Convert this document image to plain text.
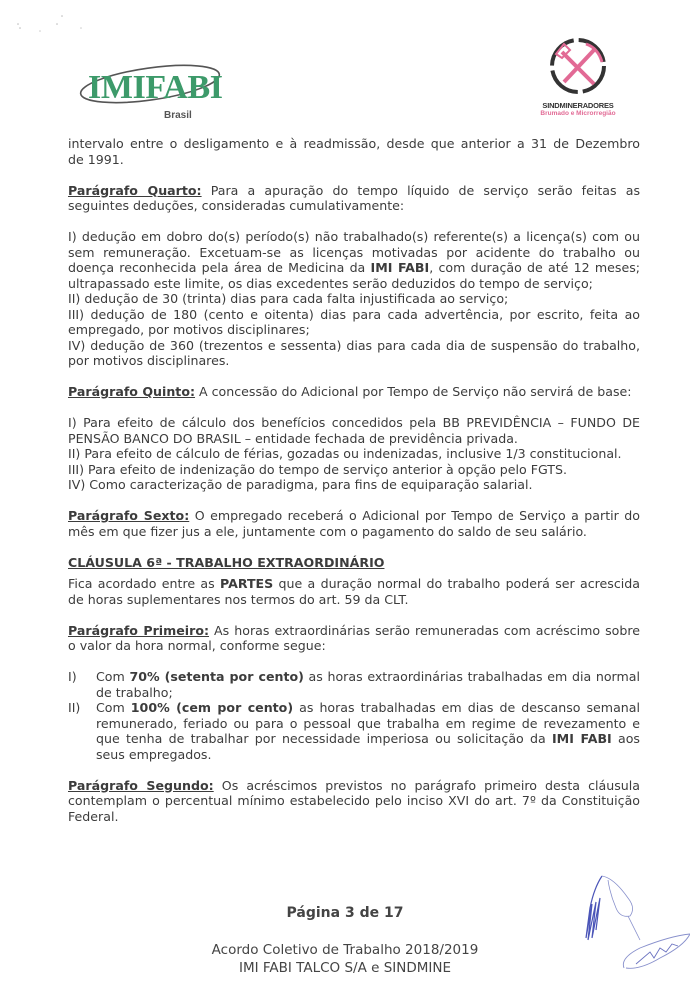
IMIFABI
Brasil
SINDMINERADORES
Brumado e Microrregião

intervalo entre o desligamento e à readmissão, desde que anterior a 31 de Dezembro
de 1991.

Parágrafo Quarto: Para a apuração do tempo líquido de serviço serão feitas as seguintes deduções, consideradas cumulativamente:

I) dedução em dobro do(s) período(s) não trabalhado(s) referente(s) a licença(s) com ou sem remuneração. Excetuam-se as licenças motivadas por acidente do trabalho ou doença reconhecida pela área de Medicina da IMI FABI, com duração de até 12 meses; ultrapassado este limite, os dias excedentes serão deduzidos do tempo de serviço;

II) dedução de 30 (trinta) dias para cada falta injustificada ao serviço;

III) dedução de 180 (cento e oitenta) dias para cada advertência, por escrito, feita ao empregado, por motivos disciplinares;

IV) dedução de 360 (trezentos e sessenta) dias para cada dia de suspensão do trabalho, por motivos disciplinares.

Parágrafo Quinto: A concessão do Adicional por Tempo de Serviço não servirá de base:

I) Para efeito de cálculo dos benefícios concedidos pela BB PREVIDÊNCIA – FUNDO DE PENSÃO BANCO DO BRASIL – entidade fechada de previdência privada.

II) Para efeito de cálculo de férias, gozadas ou indenizadas, inclusive 1/3 constitucional.

III) Para efeito de indenização do tempo de serviço anterior à opção pelo FGTS.

IV) Como caracterização de paradigma, para fins de equiparação salarial.

Parágrafo Sexto: O empregado receberá o Adicional por Tempo de Serviço a partir do mês em que fizer jus a ele, juntamente com o pagamento do saldo de seu salário.

CLÁUSULA 6ª - TRABALHO EXTRAORDINÁRIO

Fica acordado entre as PARTES que a duração normal do trabalho poderá ser acrescida de horas suplementares nos termos do art. 59 da CLT.

Parágrafo Primeiro: As horas extraordinárias serão remuneradas com acréscimo sobre o valor da hora normal, conforme segue:

I)	Com 70% (setenta por cento) as horas extraordinárias trabalhadas em dia normal de trabalho;
II)	Com 100% (cem por cento) as horas trabalhadas em dias de descanso semanal remunerado, feriado ou para o pessoal que trabalha em regime de revezamento e que tenha de trabalhar por necessidade imperiosa ou solicitação da IMI FABI aos seus empregados.

Parágrafo Segundo: Os acréscimos previstos no parágrafo primeiro desta cláusula contemplam o percentual mínimo estabelecido pelo inciso XVI do art. 7º da Constituição Federal.

Página 3 de 17
Acordo Coletivo de Trabalho 2018/2019
IMI FABI TALCO S/A e SINDMINE
